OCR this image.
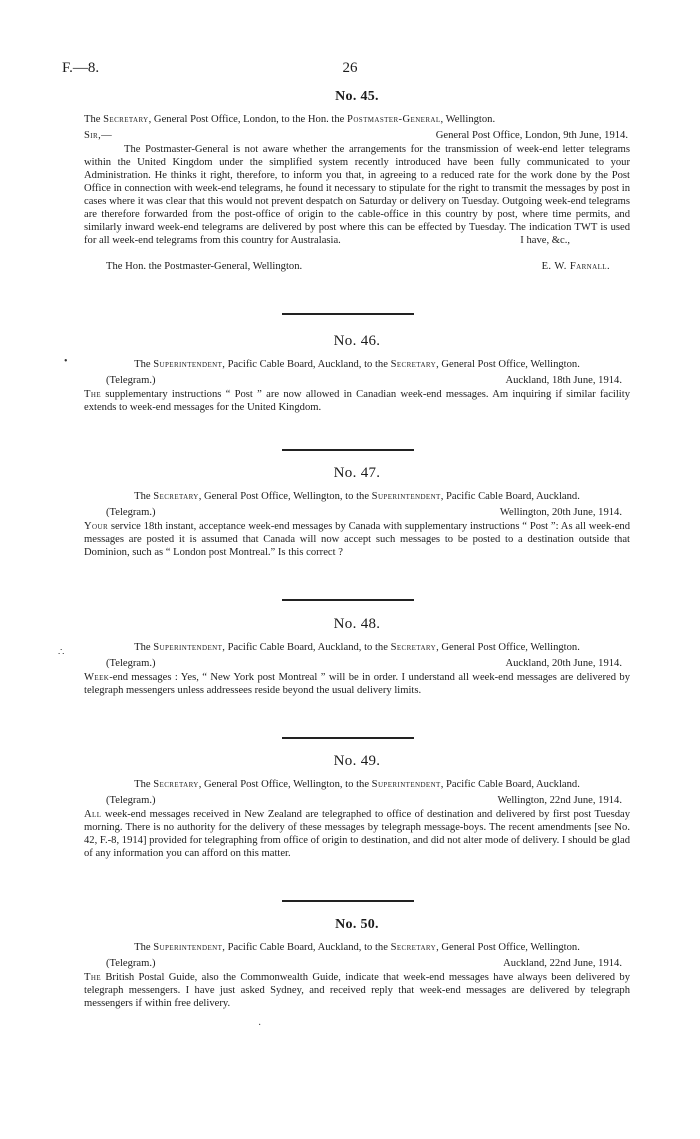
F.—8.	26
No. 45.
The Secretary, General Post Office, London, to the Hon. the Postmaster-General, Wellington.
Sir,—	General Post Office, London, 9th June, 1914.
The Postmaster-General is not aware whether the arrangements for the transmission of week-end letter telegrams within the United Kingdom under the simplified system recently introduced have been fully communicated to your Administration. He thinks it right, therefore, to inform you that, in agreeing to a reduced rate for the work done by the Post Office in connection with week-end telegrams, he found it necessary to stipulate for the right to transmit the messages by post in cases where it was clear that this would not prevent despatch on Saturday or delivery on Tuesday. Outgoing week-end telegrams are therefore forwarded from the post-office of origin to the cable-office in this country by post, where time permits, and similarly inward week-end telegrams are delivered by post where this can be effected by Tuesday. The indication TWT is used for all week-end telegrams from this country for Australasia.	I have, &c.,
The Hon. the Postmaster-General, Wellington.	E. W. Farnall.
No. 46.
The Superintendent, Pacific Cable Board, Auckland, to the Secretary, General Post Office, Wellington.
(Telegram.)	Auckland, 18th June, 1914.
The supplementary instructions “ Post ” are now allowed in Canadian week-end messages. Am inquiring if similar facility extends to week-end messages for the United Kingdom.
No. 47.
The Secretary, General Post Office, Wellington, to the Superintendent, Pacific Cable Board, Auckland.
(Telegram.)	Wellington, 20th June, 1914.
Your service 18th instant, acceptance week-end messages by Canada with supplementary instructions “ Post ”: As all week-end messages are posted it is assumed that Canada will now accept such messages to be posted to a destination outside that Dominion, such as “ London post Montreal.” Is this correct ?
No. 48.
The Superintendent, Pacific Cable Board, Auckland, to the Secretary, General Post Office, Wellington.
(Telegram.)	Auckland, 20th June, 1914.
Week-end messages : Yes, “ New York post Montreal ” will be in order. I understand all week-end messages are delivered by telegraph messengers unless addressees reside beyond the usual delivery limits.
No. 49.
The Secretary, General Post Office, Wellington, to the Superintendent, Pacific Cable Board, Auckland.
(Telegram.)	Wellington, 22nd June, 1914.
All week-end messages received in New Zealand are telegraphed to office of destination and delivered by first post Tuesday morning. There is no authority for the delivery of these messages by telegraph message-boys. The recent amendments [see No. 42, F.-8, 1914] provided for telegraphing from office of origin to destination, and did not alter mode of delivery. I should be glad of any information you can afford on this matter.
No. 50.
The Superintendent, Pacific Cable Board, Auckland, to the Secretary, General Post Office, Wellington.
(Telegram.)	Auckland, 22nd June, 1914.
The British Postal Guide, also the Commonwealth Guide, indicate that week-end messages have always been delivered by telegraph messengers. I have just asked Sydney, and received reply that week-end messages are delivered by telegraph messengers if within free delivery.
•
∴
·
